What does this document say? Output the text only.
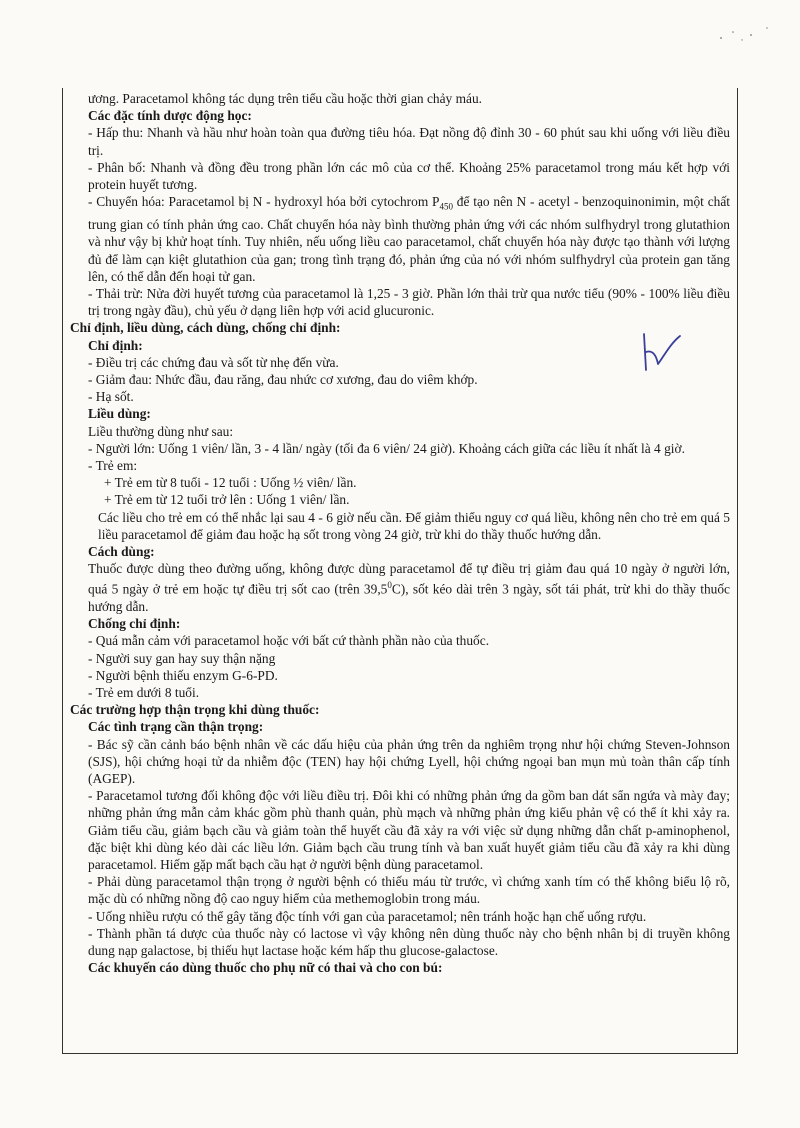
ương. Paracetamol không tác dụng trên tiểu cầu hoặc thời gian chảy máu.

Các đặc tính dược động học:

- Hấp thu: Nhanh và hầu như hoàn toàn qua đường tiêu hóa. Đạt nồng độ đỉnh 30 - 60 phút sau khi uống với liều điều trị.

- Phân bố: Nhanh và đồng đều trong phần lớn các mô của cơ thể. Khoảng 25% paracetamol trong máu kết hợp với protein huyết tương.

- Chuyển hóa: Paracetamol bị N - hydroxyl hóa bởi cytochrom $P_{450}$ để tạo nên N - acetyl - benzoquinonimin, một chất trung gian có tính phản ứng cao. Chất chuyển hóa này bình thường phản ứng với các nhóm sulfhydryl trong glutathion và như vậy bị khử hoạt tính. Tuy nhiên, nếu uống liều cao paracetamol, chất chuyển hóa này được tạo thành với lượng đủ để làm cạn kiệt glutathion của gan; trong tình trạng đó, phản ứng của nó với nhóm sulfhydryl của protein gan tăng lên, có thể dẫn đến hoại tử gan.

- Thải trừ: Nửa đời huyết tương của paracetamol là 1,25 - 3 giờ. Phần lớn thải trừ qua nước tiểu (90% - 100% liều điều trị trong ngày đầu), chủ yếu ở dạng liên hợp với acid glucuronic.

Chỉ định, liều dùng, cách dùng, chống chỉ định:

Chỉ định:

- Điều trị các chứng đau và sốt từ nhẹ đến vừa.

- Giảm đau: Nhức đầu, đau răng, đau nhức cơ xương, đau do viêm khớp.

- Hạ sốt.

Liều dùng:

Liều thường dùng như sau:

- Người lớn: Uống 1 viên/ lần, 3 - 4 lần/ ngày (tối đa 6 viên/ 24 giờ). Khoảng cách giữa các liều ít nhất là 4 giờ.

- Trẻ em:

+ Trẻ em từ 8 tuổi - 12 tuổi : Uống ½ viên/ lần.

+ Trẻ em từ 12 tuổi trở lên : Uống 1 viên/ lần.

Các liều cho trẻ em có thể nhắc lại sau 4 - 6 giờ nếu cần. Để giảm thiểu nguy cơ quá liều, không nên cho trẻ em quá 5 liều paracetamol để giảm đau hoặc hạ sốt trong vòng 24 giờ, trừ khi do thầy thuốc hướng dẫn.

Cách dùng:

Thuốc được dùng theo đường uống, không được dùng paracetamol để tự điều trị giảm đau quá 10 ngày ở người lớn, quá 5 ngày ở trẻ em hoặc tự điều trị sốt cao (trên 39,5$^0$C), sốt kéo dài trên 3 ngày, sốt tái phát, trừ khi do thầy thuốc hướng dẫn.

Chống chỉ định:

- Quá mẫn cảm với paracetamol hoặc với bất cứ thành phần nào của thuốc.

- Người suy gan hay suy thận nặng

- Người bệnh thiếu enzym G-6-PD.

- Trẻ em dưới 8 tuổi.

Các trường hợp thận trọng khi dùng thuốc:

Các tình trạng cần thận trọng:

- Bác sỹ cần cảnh báo bệnh nhân về các dấu hiệu của phản ứng trên da nghiêm trọng như hội chứng Steven-Johnson (SJS), hội chứng hoại tử da nhiễm độc (TEN) hay hội chứng Lyell, hội chứng ngoại ban mụn mủ toàn thân cấp tính (AGEP).

- Paracetamol tương đối không độc với liều điều trị. Đôi khi có những phản ứng da gồm ban dát sẩn ngứa và mày đay; những phản ứng mẫn cảm khác gồm phù thanh quản, phù mạch và những phản ứng kiểu phản vệ có thể ít khi xảy ra. Giảm tiểu cầu, giảm bạch cầu và giảm toàn thể huyết cầu đã xảy ra với việc sử dụng những dẫn chất p-aminophenol, đặc biệt khi dùng kéo dài các liều lớn. Giảm bạch cầu trung tính và ban xuất huyết giảm tiểu cầu đã xảy ra khi dùng paracetamol. Hiếm gặp mất bạch cầu hạt ở người bệnh dùng paracetamol.

- Phải dùng paracetamol thận trọng ở người bệnh có thiếu máu từ trước, vì chứng xanh tím có thể không biểu lộ rõ, mặc dù có những nồng độ cao nguy hiểm của methemoglobin trong máu.

- Uống nhiều rượu có thể gây tăng độc tính với gan của paracetamol; nên tránh hoặc hạn chế uống rượu.

- Thành phần tá dược của thuốc này có lactose vì vậy không nên dùng thuốc này cho bệnh nhân bị di truyền không dung nạp galactose, bị thiếu hụt lactase hoặc kém hấp thu glucose-galactose.

Các khuyến cáo dùng thuốc cho phụ nữ có thai và cho con bú:
